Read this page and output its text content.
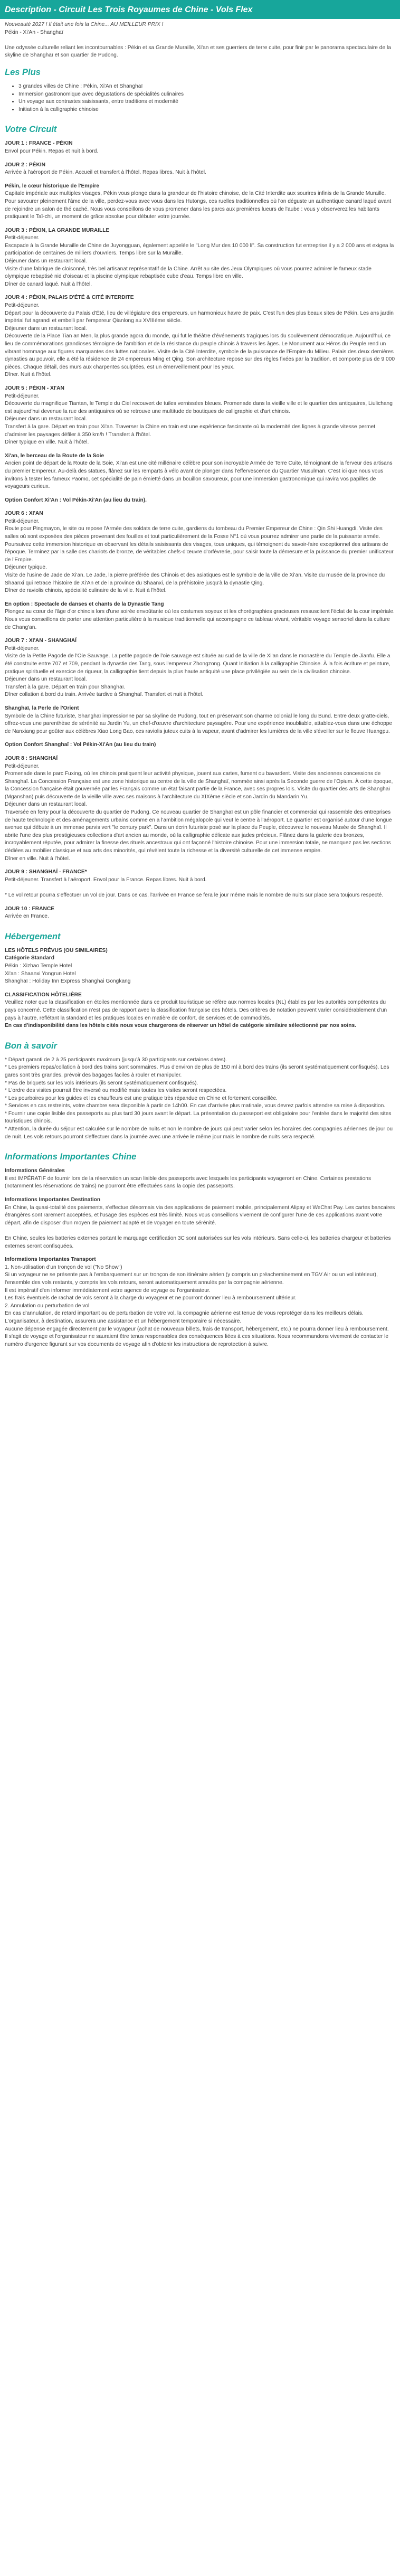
Description - Circuit Les Trois Royaumes de Chine - Vols Flex
Nouveauté 2027 ! Il était une fois la Chine... AU MEILLEUR PRIX !
Pékin - Xi'An - Shanghaï

Une odyssée culturelle reliant les incontournables : Pékin et sa Grande Muraille, Xi'an et ses guerriers de terre cuite, pour finir par le panorama spectaculaire de la skyline de Shanghaï et son quartier de Pudong.
Les Plus
• 3 grandes villes de Chine : Pékin, Xi'An et Shanghaï
• Immersion gastronomique avec dégustations de spécialités culinaires
• Un voyage aux contrastes saisissants, entre traditions et modernité
• Initiation à la calligraphie chinoise
Votre Circuit
JOUR 1 : FRANCE - PÉKIN
Envol pour Pékin. Repas et nuit à bord.
JOUR 2 : PÉKIN
Arrivée à l'aéroport de Pékin. Accueil et transfert à l'hôtel. Repas libres. Nuit à l'hôtel.
Pékin, le cœur historique de l'Empire
Capitale impériale aux multiples visages, Pékin vous plonge dans la grandeur de l'histoire chinoise, de la Cité Interdite aux sourires infinis de la Grande Muraille. Pour savourer pleinement l'âme de la ville, perdez-vous avec vous dans les Hutongs, ces ruelles traditionnelles où l'on déguste un authentique canard laqué avant de rejoindre un salon de thé caché. Nous vous conseillons de vous promener dans les parcs aux premières lueurs de l'aube : vous y observerez les habitants pratiquant le Taï-chi, un moment de grâce absolue pour débuter votre journée.
JOUR 3 : PÉKIN, LA GRANDE MURAILLE
Petit-déjeuner.
Escapade à la Grande Muraille de Chine de Juyongguan, également appelée le "Long Mur des 10 000 li". Sa construction fut entreprise il y a 2 000 ans et exigea la participation de centaines de milliers d'ouvriers. Temps libre sur la Muraille.
Déjeuner dans un restaurant local.
Visite d'une fabrique de cloisonné, très bel artisanat représentatif de la Chine. Arrêt au site des Jeux Olympiques où vous pourrez admirer le fameux stade olympique rebaptisé nid d'oiseau et la piscine olympique rebaptisée cube d'eau. Temps libre en ville.
Dîner de canard laqué. Nuit à l'hôtel.
JOUR 4 : PÉKIN, PALAIS D'ÉTÉ & CITÉ INTERDITE
Petit-déjeuner.
Départ pour la découverte du Palais d'Été, lieu de villégiature des empereurs, un harmonieux havre de paix. C'est l'un des plus beaux sites de Pékin. Les ans jardin impérial fut agrandi et embelli par l'empereur Qianlong au XVIIIème siècle.
Déjeuner dans un restaurant local.
Découverte de la Place Tian an Men, la plus grande agora du monde, qui fut le théâtre d'événements tragiques lors du soulèvement démocratique. Aujourd'hui, ce lieu de commémorations grandioses témoigne de l'ambition et de la résistance du peuple chinois à travers les âges. Le Monument aux Héros du Peuple rend un vibrant hommage aux figures marquantes des luttes nationales. Visite de la Cité Interdite, symbole de la puissance de l'Empire du Milieu. Palais des deux dernières dynasties au pouvoir, elle a été la résidence de 24 empereurs Ming et Qing. Son architecture repose sur des règles fixées par la tradition, et comporte plus de 9 000 pièces. Chaque détail, des murs aux charpentes sculptées, est un émerveillement pour les yeux.
Dîner. Nuit à l'hôtel.
JOUR 5 : PÉKIN - XI'AN
Petit-déjeuner.
Découverte du magnifique Tiantan, le Temple du Ciel recouvert de tuiles vernissées bleues. Promenade dans la vieille ville et le quartier des antiquaires, Liulichang est aujourd'hui devenue la rue des antiquaires où se retrouve une multitude de boutiques de calligraphie et d'art chinois.
Déjeuner dans un restaurant local.
Transfert à la gare. Départ en train pour Xi'an. Traverser la Chine en train est une expérience fascinante où la modernité des lignes à grande vitesse permet d'admirer les paysages défiler à 350 km/h ! Transfert à l'hôtel.
Dîner typique en ville. Nuit à l'hôtel.
Xi'an, le berceau de la Route de la Soie
Ancien point de départ de la Route de la Soie, Xi'an est une cité millénaire célèbre pour son incroyable Armée de Terre Cuite, témoignant de la ferveur des artisans du premier Empereur. Au-delà des statues, flânez sur les remparts à vélo avant de plonger dans l'effervescence du Quartier Musulman. C'est ici que nous vous invitons à tester les fameux Paomo, cet spécialité de pain émietté dans un bouillon savoureux, pour une immersion gastronomique qui ravira vos papilles de voyageurs curieux.
Option Confort Xi'An : Vol Pékin-Xi'An (au lieu du train).
JOUR 6 : XI'AN
Petit-déjeuner.
Route pour Pingmayon, le site ou repose l'Armée des soldats de terre cuite, gardiens du tombeau du Premier Empereur de Chine : Qin Shi Huangdi. Visite des salles où sont exposées des pièces provenant des fouilles et tout particulièrement de la Fosse N°1 où vous pourrez admirer une partie de la puissante armée. Poursuivez cette immersion historique en observant les détails saisissants des visages, tous uniques, qui témoignent du savoir-faire exceptionnel des artisans de l'époque. Terminez par la salle des chariots de bronze, de véritables chefs-d'œuvre d'orfèvrerie, pour saisir toute la démesure et la puissance du premier unificateur de l'Empire.
Déjeuner typique.
Visite de l'usine de Jade de Xi'an. Le Jade, la pierre préférée des Chinois et des asiatiques est le symbole de la ville de Xi'an. Visite du musée de la province du Shaanxi qui retrace l'histoire de Xi'An et de la province du Shaanxi, de la préhistoire jusqu'à la dynastie Qing.
Dîner de raviolis chinois, spécialité culinaire de la ville. Nuit à l'hôtel.
En option : Spectacle de danses et chants de la Dynastie Tang
Plongez au cœur de l'âge d'or chinois lors d'une soirée envoûtante où les costumes soyeux et les chorégraphies gracieuses ressuscitent l'éclat de la cour impériale. Nous vous conseillons de porter une attention particulière à la musique traditionnelle qui accompagne ce tableau vivant, véritable voyage sensoriel dans la culture de Chang'an.
JOUR 7 : XI'AN - SHANGHAÏ
Petit-déjeuner.
Visite de la Petite Pagode de l'Oie Sauvage. La petite pagode de l'oie sauvage est située au sud de la ville de Xi'an dans le monastère du Temple de Jianfu. Elle a été construite entre 707 et 709, pendant la dynastie des Tang, sous l'empereur Zhongzong. Quant Initiation à la calligraphie Chinoise. À la fois écriture et peinture, pratique spirituelle et exercice de rigueur, la calligraphie tient depuis la plus haute antiquité une place privilégiée au sein de la civilisation chinoise.
Déjeuner dans un restaurant local.
Transfert à la gare. Départ en train pour Shanghaï.
Dîner collation à bord du train. Arrivée tardive à Shanghaï. Transfert et nuit à l'hôtel.
Shanghaï, la Perle de l'Orient
Symbole de la Chine futuriste, Shanghaï impressionne par sa skyline de Pudong, tout en préservant son charme colonial le long du Bund. Entre deux gratte-ciels, offrez-vous une parenthèse de sérénité au Jardin Yu, un chef-d'œuvre d'architecture paysagère. Pour une expérience inoubliable, attablez-vous dans une échoppe de Nanxiang pour goûter aux célèbres Xiao Long Bao, ces raviolis juteux cuits à la vapeur, avant d'admirer les lumières de la ville s'éveiller sur le fleuve Huangpu.
Option Confort Shanghaï : Vol Pékin-Xi'An (au lieu du train)
JOUR 8 : SHANGHAÏ
Petit-déjeuner.
Promenade dans le parc Fuxing, où les chinois pratiquent leur activité physique, jouent aux cartes, fument ou bavardent. Visite des anciennes concessions de Shanghaï. La Concession Française est une zone historique au centre de la ville de Shanghaï, nommée ainsi après la Seconde guerre de l'Opium. À cette époque, la Concession française était gouvernée par les Français comme un état faisant partie de la France, avec ses propres lois. Visite du quartier des arts de Shanghaï (Mganshan) puis découverte de la vieille ville avec ses maisons à l'architecture du XIXème siècle et son Jardin du Mandarin Yu.
Déjeuner dans un restaurant local.
Traversée en ferry pour la découverte du quartier de Pudong. Ce nouveau quartier de Shanghaï est un pôle financier et commercial qui rassemble des entreprises de haute technologie et des aménagements urbains comme en a l'ambition mégalopole qui veut le centre à l'aéroport. Le quartier est organisé autour d'une longue avenue qui débute à un immense parvis vert "le century park". Dans un écrin futuriste posé sur la place du Peuple, découvrez le nouveau Musée de Shanghaï. Il abrite l'une des plus prestigieuses collections d'art ancien au monde, où la calligraphie délicate aux jades précieux. Flânez dans la galerie des bronzes, incroyablement réputée, pour admirer la finesse des rituels ancestraux qui ont façonné l'histoire chinoise. Pour une immersion totale, ne manquez pas les sections dédiées au mobilier classique et aux arts des minorités, qui révèlent toute la richesse et la diversité culturelle de cet immense empire.
Dîner en ville. Nuit à l'hôtel.
JOUR 9 : SHANGHAÏ - FRANCE*
Petit-déjeuner. Transfert à l'aéroport. Envol pour la France. Repas libres. Nuit à bord.

* Le vol retour pourra s'effectuer un vol de jour. Dans ce cas, l'arrivée en France se fera le jour même mais le nombre de nuits sur place sera toujours respecté.
JOUR 10 : FRANCE
Arrivée en France.
Hébergement
LES HÔTELS PRÉVUS (OU SIMILAIRES)
Catégorie Standard
Pékin : Xizhao Temple Hotel
Xi'an : Shaanxi Yongrun Hotel
Shanghaï : Holiday Inn Express Shanghai Gongkang
CLASSIFICATION HÔTELIÈRE
Veuillez noter que la classification en étoiles mentionnée dans ce produit touristique se réfère aux normes locales (NL) établies par les autorités compétentes du pays concerné. Cette classification n'est pas de rapport avec la classification française des hôtels. Des critères de notation peuvent varier considérablement d'un pays à l'autre, reflétant la standard et les pratiques locales en matière de confort, de services et de commodités.
En cas d'indisponibilité dans les hôtels cités nous vous chargerons de réserver un hôtel de catégorie similaire sélectionné par nos soins.
Bon à savoir
* Départ garanti de 2 à 25 participants maximum (jusqu'à 30 participants sur certaines dates).
* Les premiers repas/collation à bord des trains sont sommaires. Plus d'environ de plus de 150 ml à bord des trains (ils seront systématiquement confisqués). Les gares sont très grandes, prévoir des bagages faciles à rouler et manipuler.
* Pas de briquets sur les vols intérieurs (ils seront systématiquement confisqués).
* L'ordre des visites pourrait être inversé ou modifié mais toutes les visites seront respectées.
* Les pourboires pour les guides et les chauffeurs est une pratique très répandue en Chine et fortement conseillée.
* Services en cas restreints, votre chambre sera disponible à partir de 14h00. En cas d'arrivée plus matinale, vous devrez parfois attendre sa mise à disposition.
* Fournir une copie lisible des passeports au plus tard 30 jours avant le départ. La présentation du passeport est obligatoire pour l'entrée dans le majorité des sites touristiques chinois.
* Attention, la durée du séjour est calculée sur le nombre de nuits et non le nombre de jours qui peut varier selon les horaires des compagnies aériennes de jour ou de nuit. Les vols retours pourront s'effectuer dans la journée avec une arrivée le même jour mais le nombre de nuits sera respecté.
Informations Importantes Chine
Informations Générales
Il est IMPÉRATIF de fournir lors de la réservation un scan lisible des passeports avec lesquels les participants voyageront en Chine. Certaines prestations (notamment les réservations de trains) ne pourront être effectuées sans la copie des passeports.
Informations Importantes Destination
En Chine, la quasi-totalité des paiements, s'effectue désormais via des applications de paiement mobile, principalement Alipay et WeChat Pay. Les cartes bancaires étrangères sont rarement acceptées, et l'usage des espèces est très limité. Nous vous conseillons vivement de configurer l'une de ces applications avant votre départ, afin de disposer d'un moyen de paiement adapté et de voyager en toute sérénité.

En Chine, seules les batteries externes portant le marquage certification 3C sont autorisées sur les vols intérieurs. Sans celle-ci, les batteries chargeur et batteries externes seront confisquées.
Informations Importantes Transport
1. Non-utilisation d'un tronçon de vol ("No Show")
Si un voyageur ne se présente pas à l'embarquement sur un tronçon de son itinéraire aérien (y compris un préacheminement en TGV Air ou un vol intérieur), l'ensemble des vols restants, y compris les vols retours, seront automatiquement annulés par la compagnie aérienne.
Il est impératif d'en informer immédiatement votre agence de voyage ou l'organisateur.
Les frais éventuels de rachat de vols seront à la charge du voyageur et ne pourront donner lieu à remboursement ultérieur.
2. Annulation ou perturbation de vol
En cas d'annulation, de retard important ou de perturbation de votre vol, la compagnie aérienne est tenue de vous reprotéger dans les meilleurs délais.
L'organisateur, à destination, assurera une assistance et un hébergement temporaire si nécessaire.
Aucune dépense engagée directement par le voyageur (achat de nouveaux billets, frais de transport, hébergement, etc.) ne pourra donner lieu à remboursement.
Il s'agit de voyage et l'organisateur ne sauraient être tenus responsables des conséquences liées à ces situations. Nous recommandons vivement de contacter le numéro d'urgence figurant sur vos documents de voyage afin d'obtenir les instructions de reprotection à suivre.
